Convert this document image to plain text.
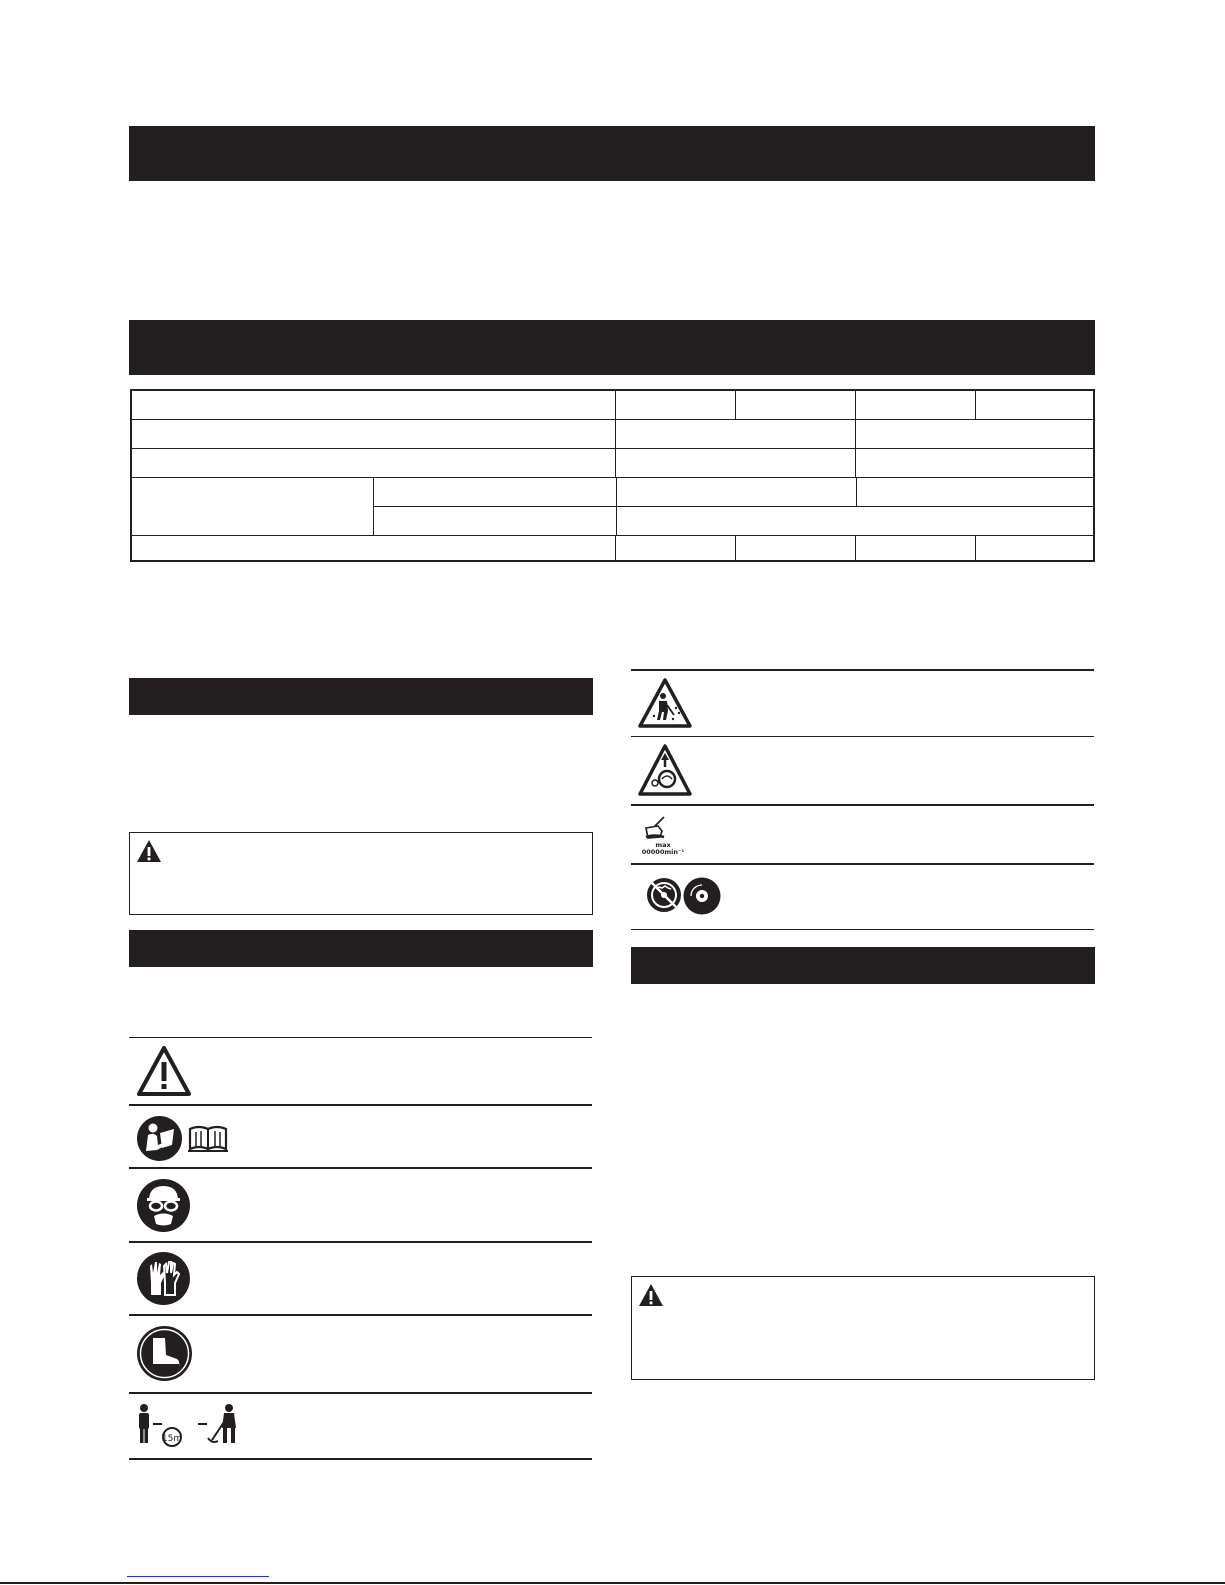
15m
max
00000min⁻¹
